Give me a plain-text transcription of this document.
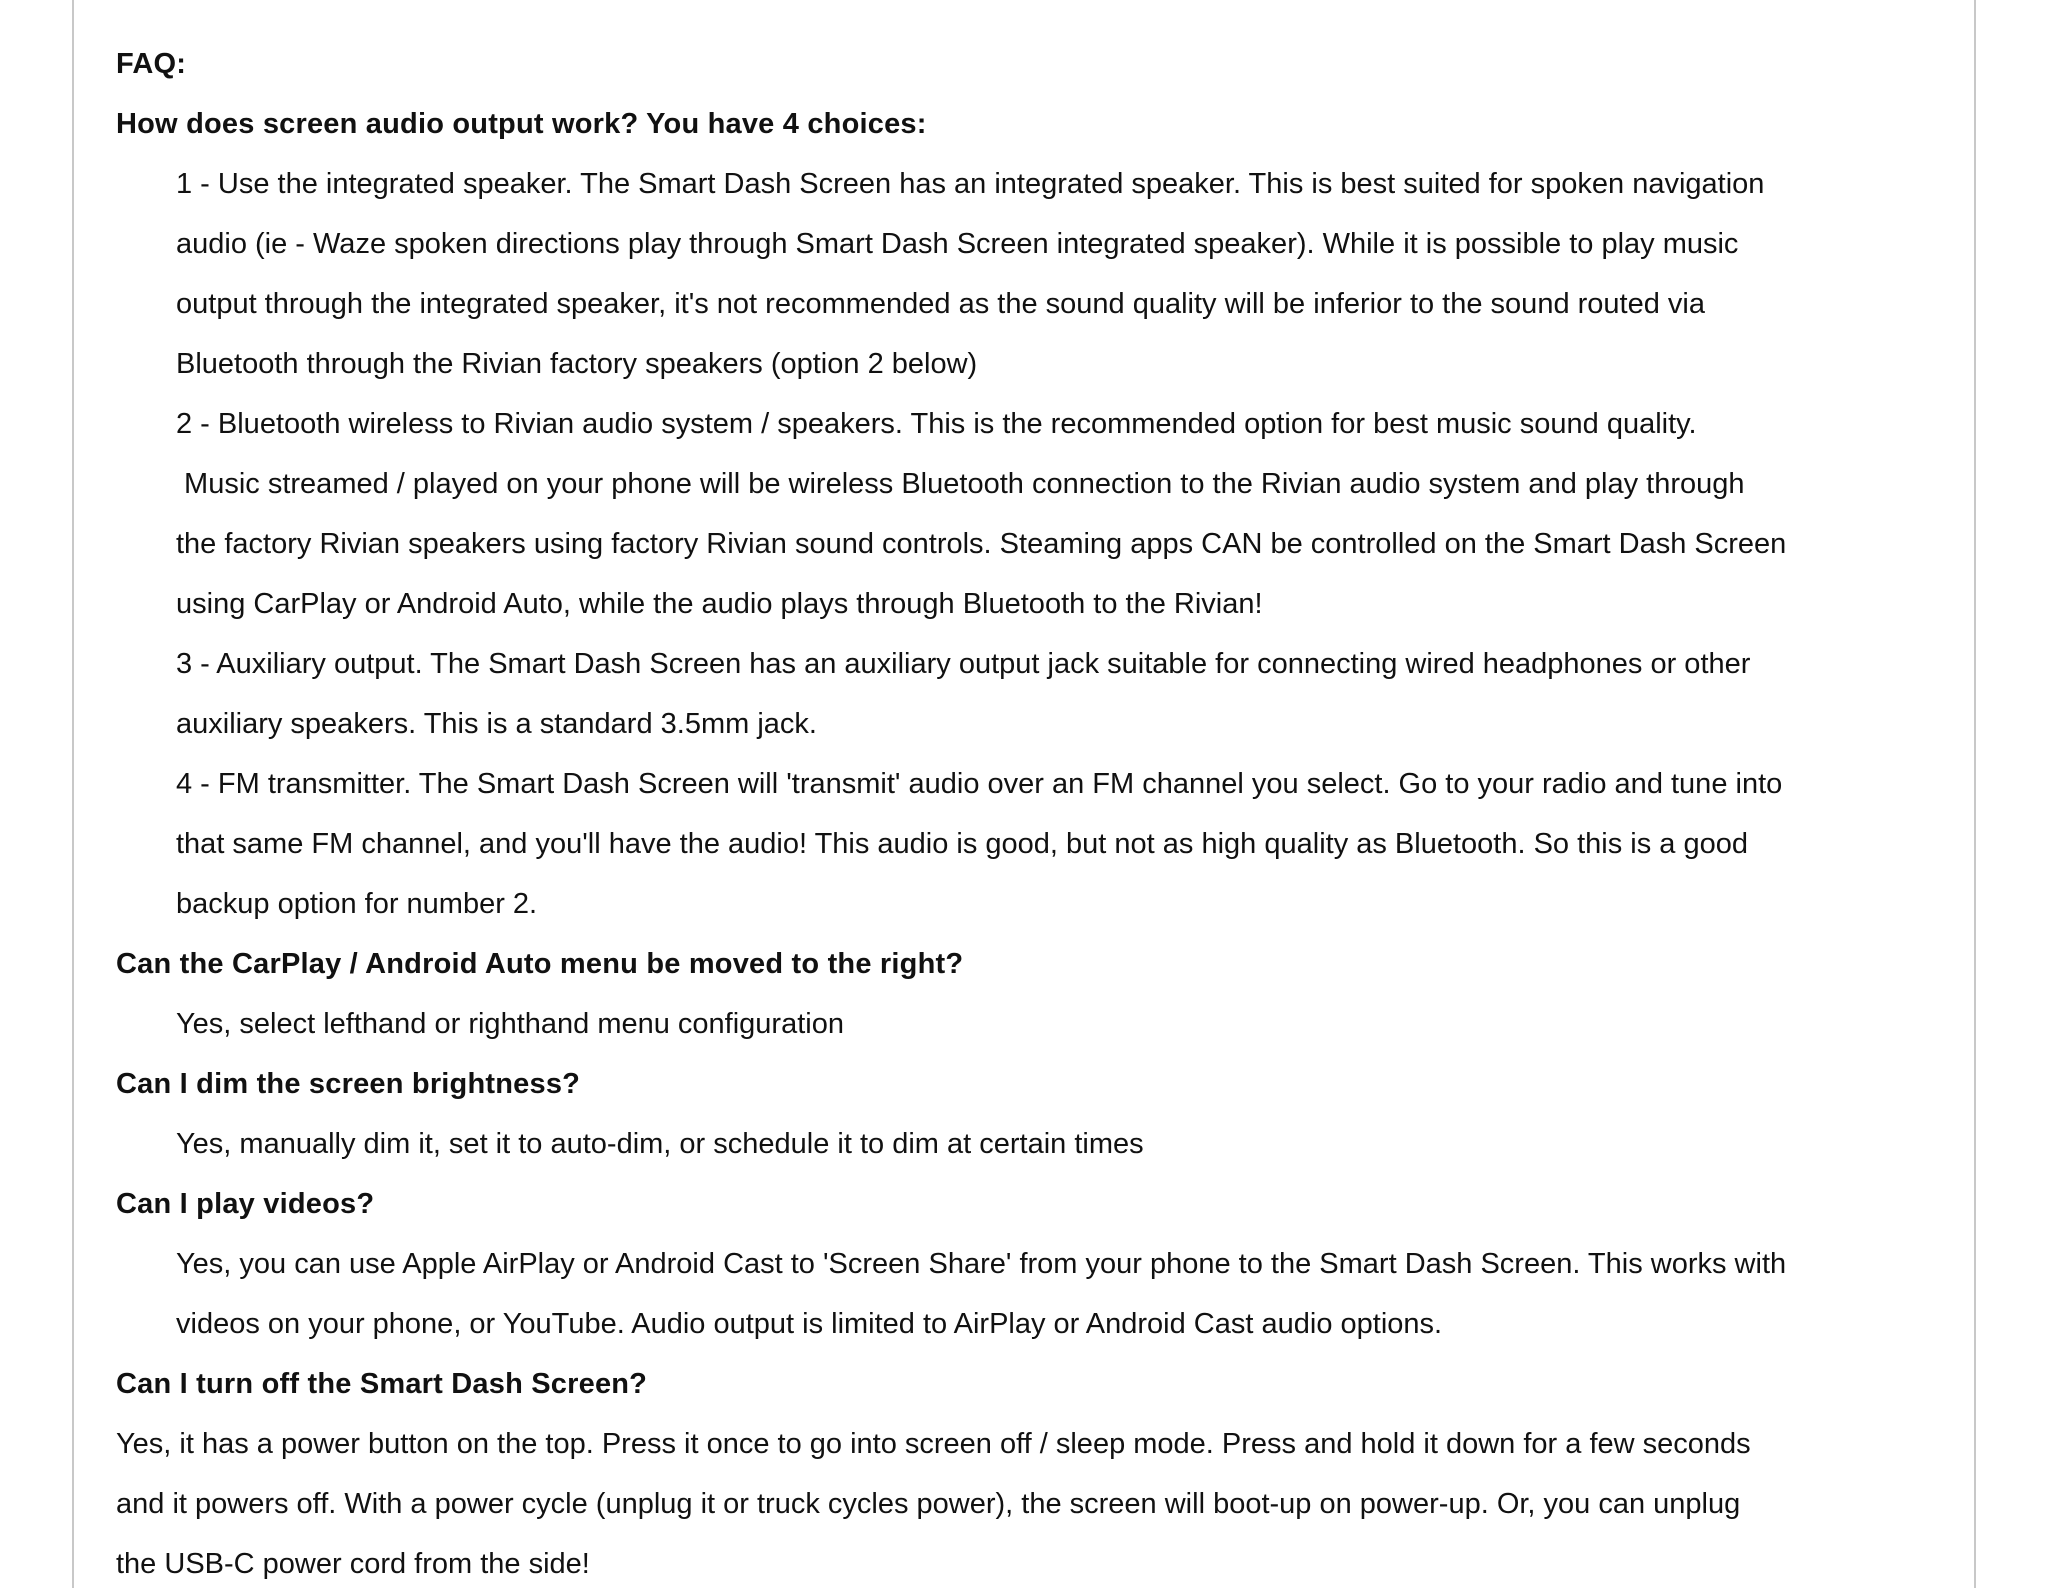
FAQ:
How does screen audio output work? You have 4 choices:
1 - Use the integrated speaker. The Smart Dash Screen has an integrated speaker. This is best suited for spoken navigation
audio (ie - Waze spoken directions play through Smart Dash Screen integrated speaker). While it is possible to play music
output through the integrated speaker, it's not recommended as the sound quality will be inferior to the sound routed via
Bluetooth through the Rivian factory speakers (option 2 below)
2 - Bluetooth wireless to Rivian audio system / speakers. This is the recommended option for best music sound quality.
Music streamed / played on your phone will be wireless Bluetooth connection to the Rivian audio system and play through
the factory Rivian speakers using factory Rivian sound controls. Steaming apps CAN be controlled on the Smart Dash Screen
using CarPlay or Android Auto, while the audio plays through Bluetooth to the Rivian!
3 - Auxiliary output. The Smart Dash Screen has an auxiliary output jack suitable for connecting wired headphones or other
auxiliary speakers. This is a standard 3.5mm jack.
4 - FM transmitter. The Smart Dash Screen will 'transmit' audio over an FM channel you select. Go to your radio and tune into
that same FM channel, and you'll have the audio! This audio is good, but not as high quality as Bluetooth. So this is a good
backup option for number 2.
Can the CarPlay / Android Auto menu be moved to the right?
Yes, select lefthand or righthand menu configuration
Can I dim the screen brightness?
Yes, manually dim it, set it to auto-dim, or schedule it to dim at certain times
Can I play videos?
Yes, you can use Apple AirPlay or Android Cast to 'Screen Share' from your phone to the Smart Dash Screen. This works with
videos on your phone, or YouTube. Audio output is limited to AirPlay or Android Cast audio options.
Can I turn off the Smart Dash Screen?
Yes, it has a power button on the top. Press it once to go into screen off / sleep mode. Press and hold it down for a few seconds
and it powers off. With a power cycle (unplug it or truck cycles power), the screen will boot-up on power-up. Or, you can unplug
the USB-C power cord from the side!
